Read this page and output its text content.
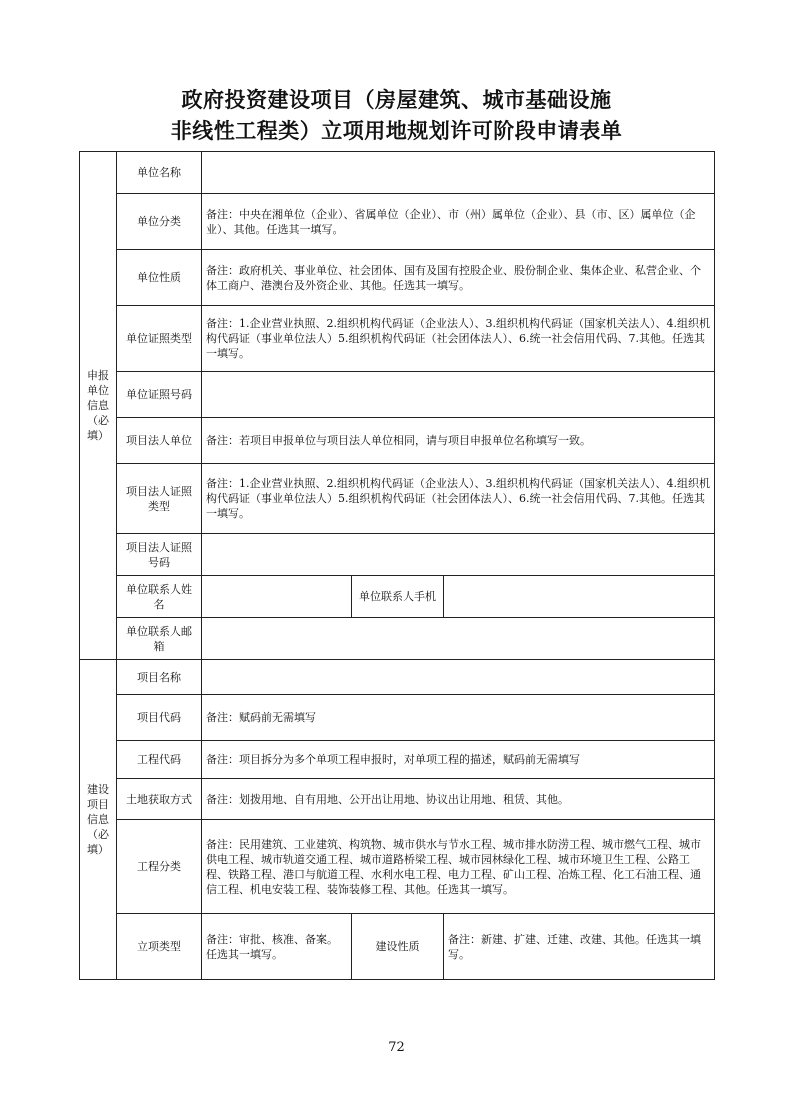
政府投资建设项目（房屋建筑、城市基础设施
非线性工程类）立项用地规划许可阶段申请表单
申报单位信息（必填）	单位名称			
	单位分类	备注：中央在湘单位（企业）、省属单位（企业）、市（州）属单位（企业）、县（市、区）属单位（企业）、其他。任选其一填写。		
	单位性质	备注：政府机关、事业单位、社会团体、国有及国有控股企业、股份制企业、集体企业、私营企业、个体工商户、港澳台及外资企业、其他。任选其一填写。		
	单位证照类型	备注：1.企业营业执照、2.组织机构代码证（企业法人）、3.组织机构代码证（国家机关法人）、4.组织机构代码证（事业单位法人）5.组织机构代码证（社会团体法人）、6.统一社会信用代码、7.其他。任选其一填写。		
	单位证照号码			
	项目法人单位	备注：若项目申报单位与项目法人单位相同，请与项目申报单位名称填写一致。		
	项目法人证照类型	备注：1.企业营业执照、2.组织机构代码证（企业法人）、3.组织机构代码证（国家机关法人）、4.组织机构代码证（事业单位法人）5.组织机构代码证（社会团体法人）、6.统一社会信用代码、7.其他。任选其一填写。		
	项目法人证照号码			
	单位联系人姓名		单位联系人手机	
	单位联系人邮箱			
建设项目信息（必填）	项目名称			
	项目代码	备注：赋码前无需填写		
	工程代码	备注：项目拆分为多个单项工程申报时，对单项工程的描述，赋码前无需填写		
	土地获取方式	备注：划拨用地、自有用地、公开出让用地、协议出让用地、租赁、其他。		
	工程分类	备注：民用建筑、工业建筑、构筑物、城市供水与节水工程、城市排水防涝工程、城市燃气工程、城市供电工程、城市轨道交通工程、城市道路桥梁工程、城市园林绿化工程、城市环境卫生工程、公路工程、铁路工程、港口与航道工程、水利水电工程、电力工程、矿山工程、冶炼工程、化工石油工程、通信工程、机电安装工程、装饰装修工程、其他。任选其一填写。		
	立项类型	备注：审批、核准、备案。任选其一填写。	建设性质	备注：新建、扩建、迁建、改建、其他。任选其一填写。
72
